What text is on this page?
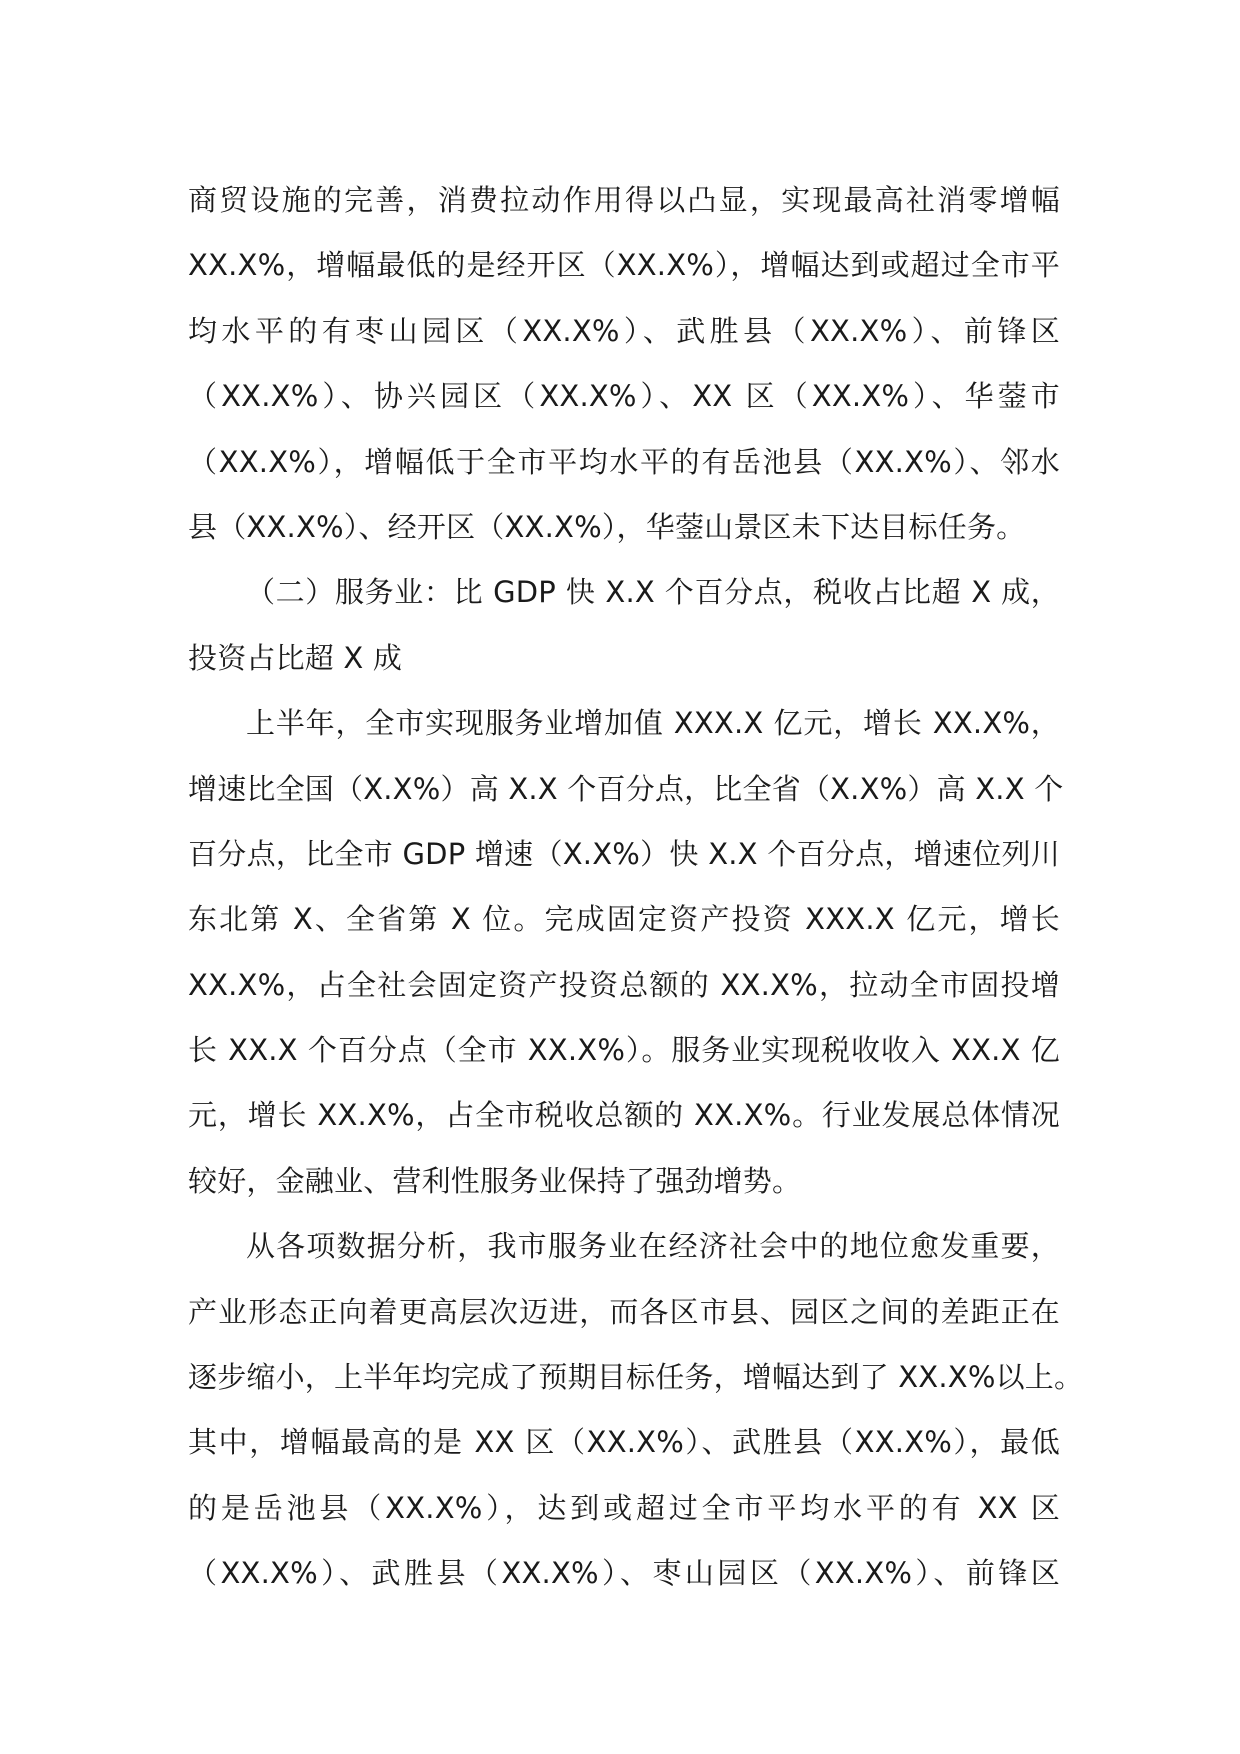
商贸设施的完善，消费拉动作用得以凸显，实现最高社消零增幅
XX.X%，增幅最低的是经开区（XX.X%），增幅达到或超过全市平
均水平的有枣山园区（XX.X%）、武胜县（XX.X%）、前锋区
（XX.X%）、协兴园区（XX.X%）、XX 区（XX.X%）、华蓥市
（XX.X%），增幅低于全市平均水平的有岳池县（XX.X%）、邻水
县（XX.X%）、经开区（XX.X%），华蓥山景区未下达目标任务。
（二）服务业：比 GDP 快 X.X 个百分点，税收占比超 X 成，
投资占比超 X 成
上半年，全市实现服务业增加值 XXX.X 亿元，增长 XX.X%，
增速比全国（X.X%）高 X.X 个百分点，比全省（X.X%）高 X.X 个
百分点，比全市 GDP 增速（X.X%）快 X.X 个百分点，增速位列川
东北第 X、全省第 X 位。完成固定资产投资 XXX.X 亿元，增长
XX.X%，占全社会固定资产投资总额的 XX.X%，拉动全市固投增
长 XX.X 个百分点（全市 XX.X%）。服务业实现税收收入 XX.X 亿
元，增长 XX.X%，占全市税收总额的 XX.X%。行业发展总体情况
较好，金融业、营利性服务业保持了强劲增势。
从各项数据分析，我市服务业在经济社会中的地位愈发重要，
产业形态正向着更高层次迈进，而各区市县、园区之间的差距正在
逐步缩小，上半年均完成了预期目标任务，增幅达到了 XX.X%以上。
其中，增幅最高的是 XX 区（XX.X%）、武胜县（XX.X%），最低
的是岳池县（XX.X%），达到或超过全市平均水平的有 XX 区
（XX.X%）、武胜县（XX.X%）、枣山园区（XX.X%）、前锋区
